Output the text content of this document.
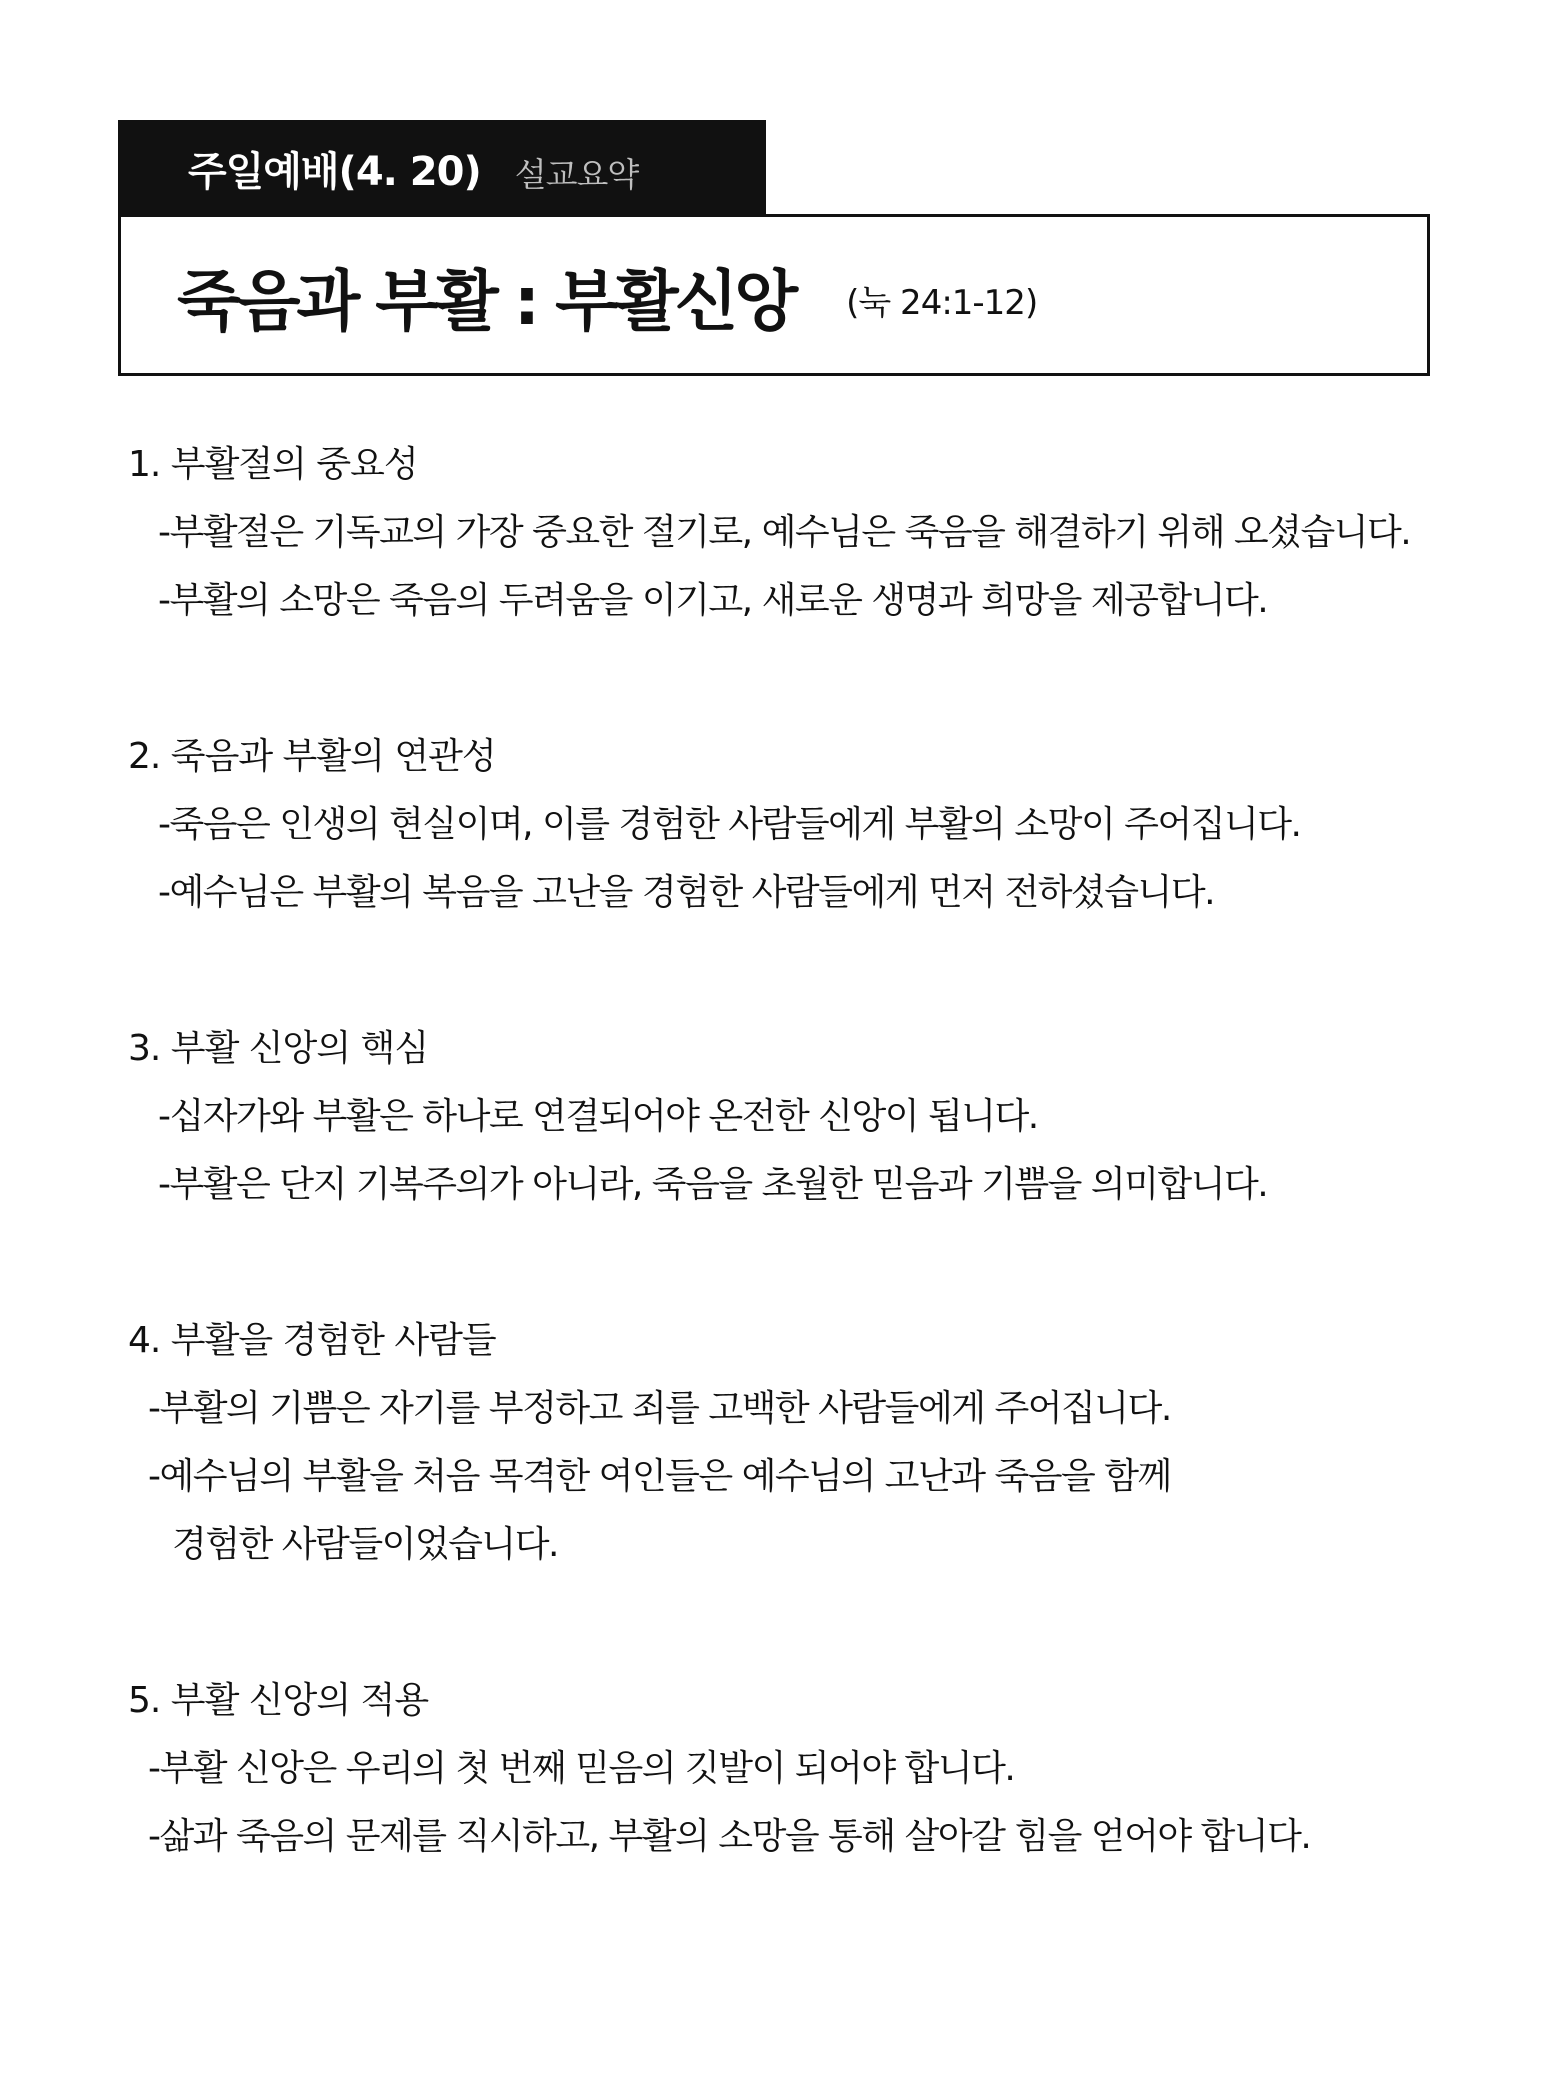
주일예배(4. 20) 설교요약
죽음과 부활 : 부활신앙 (눅 24:1-12)
1. 부활절의 중요성
-부활절은 기독교의 가장 중요한 절기로, 예수님은 죽음을 해결하기 위해 오셨습니다.
-부활의 소망은 죽음의 두려움을 이기고, 새로운 생명과 희망을 제공합니다.
2. 죽음과 부활의 연관성
-죽음은 인생의 현실이며, 이를 경험한 사람들에게 부활의 소망이 주어집니다.
-예수님은 부활의 복음을 고난을 경험한 사람들에게 먼저 전하셨습니다.
3. 부활 신앙의 핵심
-십자가와 부활은 하나로 연결되어야 온전한 신앙이 됩니다.
-부활은 단지 기복주의가 아니라, 죽음을 초월한 믿음과 기쁨을 의미합니다.
4. 부활을 경험한 사람들
-부활의 기쁨은 자기를 부정하고 죄를 고백한 사람들에게 주어집니다.
-예수님의 부활을 처음 목격한 여인들은 예수님의 고난과 죽음을 함께
경험한 사람들이었습니다.
5. 부활 신앙의 적용
-부활 신앙은 우리의 첫 번째 믿음의 깃발이 되어야 합니다.
-삶과 죽음의 문제를 직시하고, 부활의 소망을 통해 살아갈 힘을 얻어야 합니다.
